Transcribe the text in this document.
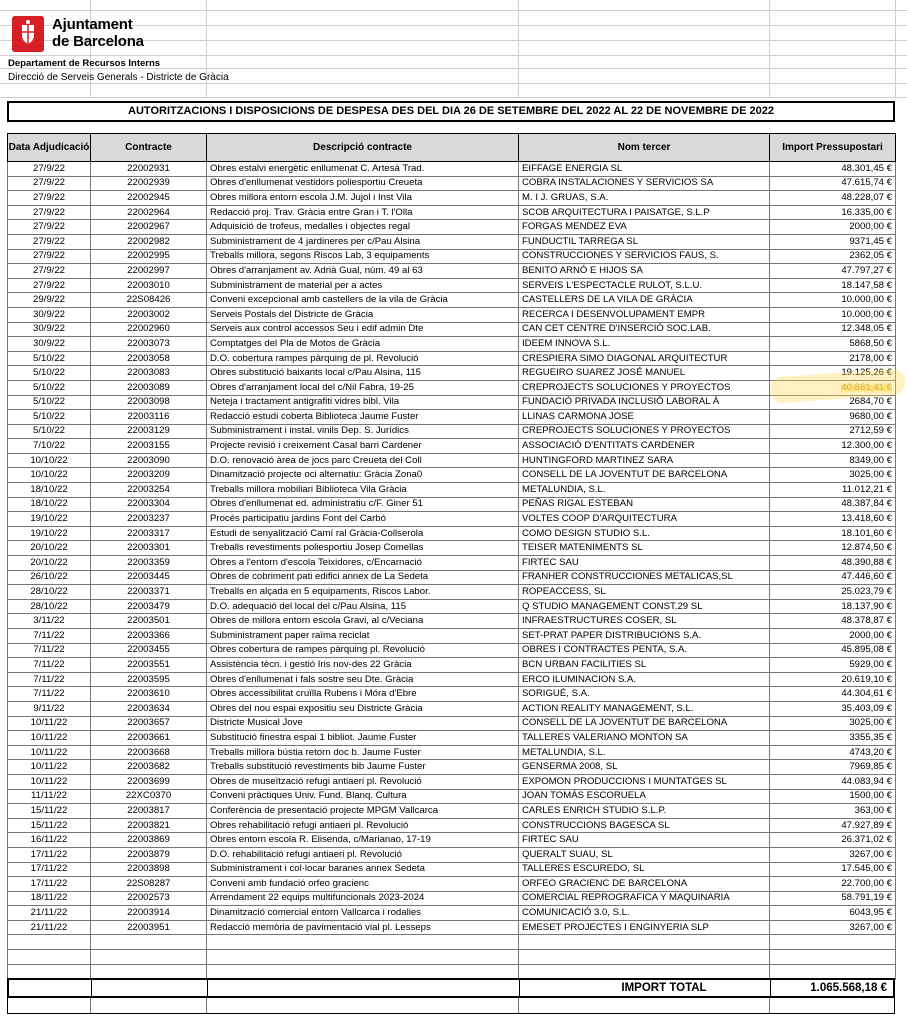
Ajuntament
de Barcelona
Departament de Recursos Interns
Direcció de Serveis Generals - Districte de Gràcia
AUTORITZACIONS I DISPOSICIONS DE DESPESA DES DEL DIA 26 DE SETEMBRE DEL 2022 AL 22 DE NOVEMBRE DE 2022
Data Adjudicació	Contracte	Descripció contracte	Nom tercer	Import Pressupostari
27/9/22	22002931	Obres estalvi energètic enllumenat C. Artesà Trad.	EIFFAGE ENERGIA SL	48.301,45 €
27/9/22	22002939	Obres d'enllumenat vestidors poliesportiu Creueta	COBRA INSTALACIONES Y SERVICIOS SA	47.615,74 €
27/9/22	22002945	Obres millora entorn escola J.M. Jujol i Inst Vila	M. I J. GRUAS, S.A.	48.228,07 €
27/9/22	22002964	Redacció proj. Trav. Gràcia entre Gran i T. l'Olla	SCOB ARQUITECTURA I PAISATGE, S.L.P	16.335,00 €
27/9/22	22002967	Adquisició de trofeus, medalles i objectes regal	FORGAS MENDEZ EVA	2000,00 €
27/9/22	22002982	Subministrament de 4 jardineres per c/Pau Alsina	FUNDUCTIL TARREGA SL	9371,45 €
27/9/22	22002995	Treballs millora, segons Riscos Lab, 3 equipaments	CONSTRUCCIONES Y SERVICIOS FAUS, S.	2362,05 €
27/9/22	22002997	Obres d'arranjament av. Adrià Gual, núm. 49 al 63	BENITO ARNÓ E HIJOS SA	47.797,27 €
27/9/22	22003010	Subministrament de material per a actes	SERVEIS L'ESPECTACLE RULOT, S.L.U.	18.147,58 €
29/9/22	22S08426	Conveni excepcional amb castellers de la vila de Gràcia	CASTELLERS DE LA VILA DE GRÀCIA	10.000,00 €
30/9/22	22003002	Serveis Postals del Districte de Gràcia	RECERCA I DESENVOLUPAMENT EMPR	10.000,00 €
30/9/22	22002960	Serveis aux control accessos Seu i edif admin Dte	CAN CET CENTRE D'INSERCIÓ SOC.LAB.	12.348,05 €
30/9/22	22003073	Comptatges del Pla de Motos de Gràcia	IDEEM INNOVA S.L.	5868,50 €
5/10/22	22003058	D.O. cobertura rampes pàrquing de pl. Revolució	CRESPIERA SIMO DIAGONAL ARQUITECTUR	2178,00 €
5/10/22	22003083	Obres substitució baixants local c/Pau Alsina, 115	REGUEIRO SUAREZ JOSÉ MANUEL	19.125,26 €
5/10/22	22003089	Obres d'arranjament local del c/Nil Fabra, 19-25	CREPROJECTS SOLUCIONES Y PROYECTOS	40.861,41 €
5/10/22	22003098	Neteja i tractament antigrafiti vidres bibl. Vila	FUNDACIÓ PRIVADA INCLUSIÓ LABORAL À	2684,70 €
5/10/22	22003116	Redacció estudi coberta Biblioteca Jaume Fuster	LLINAS CARMONA JOSE	9680,00 €
5/10/22	22003129	Subministrament i instal. vinils Dep. S. Jurídics	CREPROJECTS SOLUCIONES Y PROYECTOS	2712,59 €
7/10/22	22003155	Projecte revisió i creixement Casal barri Cardener	ASSOCIACIÓ D'ENTITATS CARDENER	12.300,00 €
10/10/22	22003090	D.O. renovació àrea de jocs parc Creueta del Coll	HUNTINGFORD MARTINEZ SARA	8349,00 €
10/10/22	22003209	Dinamització projecte oci alternatiu: Gràcia Zona0	CONSELL DE LA JOVENTUT DE BARCELONA	3025,00 €
18/10/22	22003254	Treballs millora mobiliari Biblioteca Vila Gràcia	METALUNDIA, S.L.	11.012,21 €
18/10/22	22003304	Obres d'enllumenat ed. administratiu c/F. Giner 51	PEÑAS RIGAL ESTEBAN	48.387,84 €
19/10/22	22003237	Procés participatiu jardins Font del Carbó	VOLTES COOP D'ARQUITECTURA	13.418,60 €
19/10/22	22003317	Estudi de senyalització Camí ral Gràcia-Collserola	COMO DESIGN STUDIO S.L.	18.101,60 €
20/10/22	22003301	Treballs revestiments poliesportiu Josep Comellas	TEISER MATENIMENTS SL	12.874,50 €
20/10/22	22003359	Obres a l'entorn d'escola Teixidores, c/Encarnació	FIRTEC SAU	48.390,88 €
26/10/22	22003445	Obres de cobriment pati edifici annex de La Sedeta	FRANHER CONSTRUCCIONES METALICAS,SL	47.446,60 €
28/10/22	22003371	Treballs en alçada en 5 equipaments, Riscos Labor.	ROPEACCESS, SL	25.023,79 €
28/10/22	22003479	D.O. adequació del local del c/Pau Alsina, 115	Q STUDIO MANAGEMENT CONST.29 SL	18.137,90 €
3/11/22	22003501	Obres de millora entorn escola Gravi, al c/Veciana	INFRAESTRUCTURES COSER, SL	48.378,87 €
7/11/22	22003366	Subministrament paper raïma reciclat	SET-PRAT PAPER DISTRIBUCIONS S.A.	2000,00 €
7/11/22	22003455	Obres cobertura de rampes pàrquing pl. Revolució	OBRES I CONTRACTES PENTA, S.A.	45.895,08 €
7/11/22	22003551	Assistència tècn. i gestió Iris nov-des 22 Gràcia	BCN URBAN FACILITIES SL	5929,00 €
7/11/22	22003595	Obres d'enllumenat i fals sostre seu Dte. Gràcia	ERCO ILUMINACION S.A.	20.619,10 €
7/11/22	22003610	Obres accessibilitat cruïlla Rubens i Móra d'Ebre	SORIGUÉ, S.A.	44.304,61 €
9/11/22	22003634	Obres del nou espai expositiu seu Districte Gràcia	ACTION REALITY MANAGEMENT, S.L.	35.403,09 €
10/11/22	22003657	Districte Musical Jove	CONSELL DE LA JOVENTUT DE BARCELONA	3025,00 €
10/11/22	22003661	Substitució finestra espai 1 bibliot. Jaume Fuster	TALLERES VALERIANO MONTON SA	3355,35 €
10/11/22	22003668	Treballs millora bústia retorn doc b. Jaume Fuster	METALUNDIA, S.L.	4743,20 €
10/11/22	22003682	Treballs substitució revestiments bib Jaume Fuster	GENSERMA 2008, SL	7969,85 €
10/11/22	22003699	Obres de museïtzació refugi antiaeri pl. Revolució	EXPOMON PRODUCCIONS I MUNTATGES SL	44.083,94 €
11/11/22	22XC0370	Conveni pràctiques Univ. Fund. Blanq. Cultura	JOAN TOMÀS ESCORUELA	1500,00 €
15/11/22	22003817	Conferència de presentació projecte MPGM Vallcarca	CARLES ENRICH STUDIO S.L.P.	363,00 €
15/11/22	22003821	Obres rehabilitació refugi antiaeri pl. Revolució	CONSTRUCCIONS BAGESCA SL	47.927,89 €
16/11/22	22003869	Obres entorn escola R. Elisenda, c/Marianao, 17-19	FIRTEC SAU	26.371,02 €
17/11/22	22003879	D.O. rehabilitació refugi antiaeri pl. Revolució	QUERALT SUAU, SL	3267,00 €
17/11/22	22003898	Subministrament i col·locar baranes annex Sedeta	TALLERES ESCUREDO, SL	17.545,00 €
17/11/22	22S08287	Conveni amb fundació orfeo gracienc	ORFEO GRACIENC DE BARCELONA	22.700,00 €
18/11/22	22002573	Arrendament 22 equips multifuncionals 2023-2024	COMERCIAL REPROGRAFICA Y MAQUINARIA	58.791,19 €
21/11/22	22003914	Dinamització comercial entorn Vallcarca i rodalies	COMUNICACIÓ 3.0, S.L.	6043,95 €
21/11/22	22003951	Redacció memòria de pavimentació vial pl. Lesseps	EMESET PROJECTES I ENGINYERIA SLP	3267,00 €

IMPORT TOTAL	1.065.568,18 €
